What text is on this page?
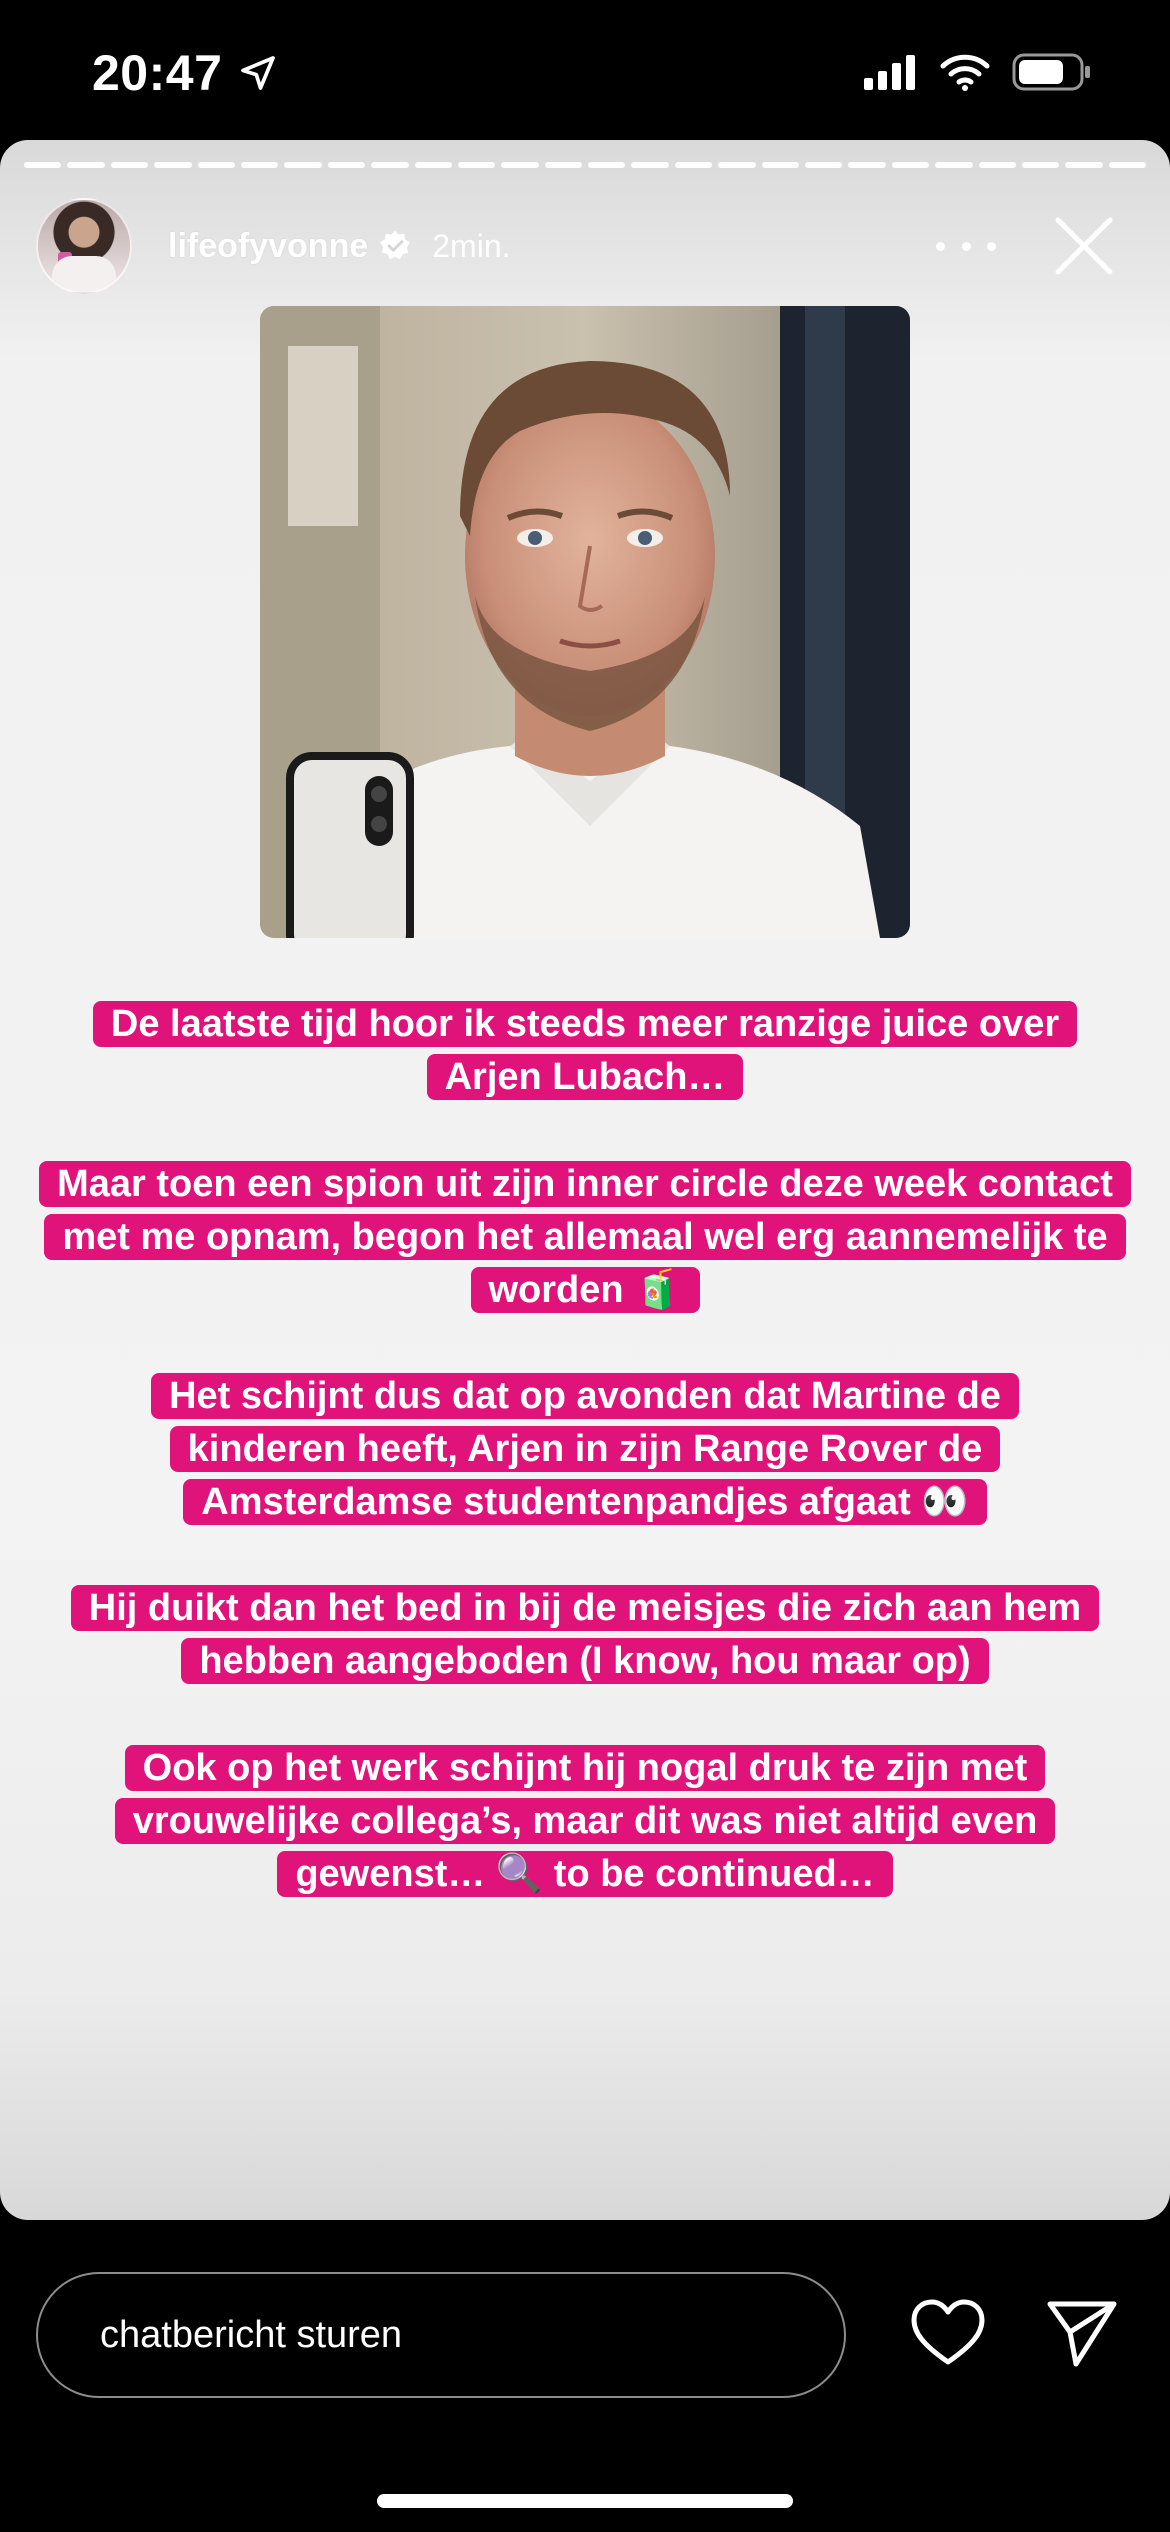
20:47
lifeofyvonne 2min.
De laatste tijd hoor ik steeds meer ranzige juice over Arjen Lubach…
Maar toen een spion uit zijn inner circle deze week contact met me opnam, begon het allemaal wel erg aannemelijk te worden 🧃
Het schijnt dus dat op avonden dat Martine de kinderen heeft, Arjen in zijn Range Rover de Amsterdamse studentenpandjes afgaat 👀
Hij duikt dan het bed in bij de meisjes die zich aan hem hebben aangeboden (I know, hou maar op)
Ook op het werk schijnt hij nogal druk te zijn met vrouwelijke collega’s, maar dit was niet altijd even gewenst… 🔍 to be continued…
chatbericht sturen
